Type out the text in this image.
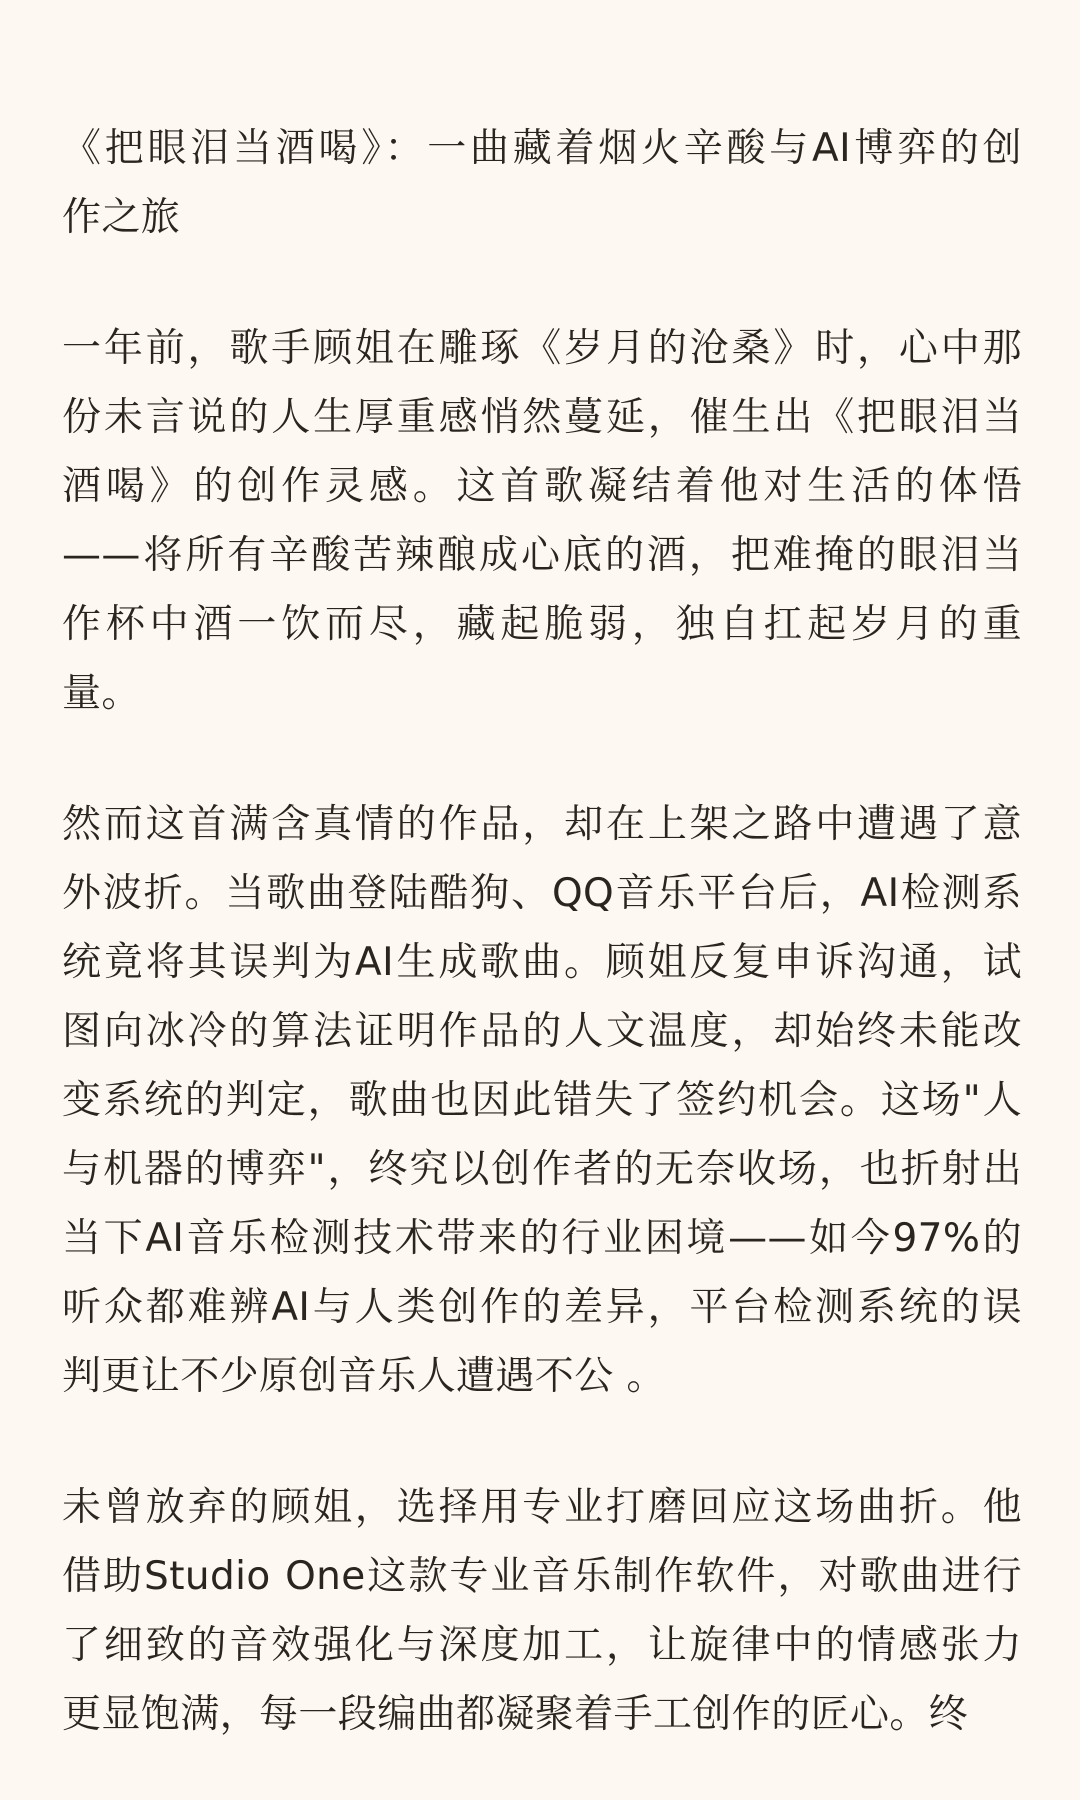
《把眼泪当酒喝》：一曲藏着烟火辛酸与AI博弈的创
作之旅

一年前，歌手顾姐在雕琢《岁月的沧桑》时，心中那
份未言说的人生厚重感悄然蔓延，催生出《把眼泪当
酒喝》的创作灵感。这首歌凝结着他对生活的体悟
——将所有辛酸苦辣酿成心底的酒，把难掩的眼泪当
作杯中酒一饮而尽，藏起脆弱，独自扛起岁月的重
量。

然而这首满含真情的作品，却在上架之路中遭遇了意
外波折。当歌曲登陆酷狗、QQ音乐平台后，AI检测系
统竟将其误判为AI生成歌曲。顾姐反复申诉沟通，试
图向冰冷的算法证明作品的人文温度，却始终未能改
变系统的判定，歌曲也因此错失了签约机会。这场"人
与机器的博弈"，终究以创作者的无奈收场，也折射出
当下AI音乐检测技术带来的行业困境——如今97%的
听众都难辨AI与人类创作的差异，平台检测系统的误
判更让不少原创音乐人遭遇不公 。

未曾放弃的顾姐，选择用专业打磨回应这场曲折。他
借助Studio One这款专业音乐制作软件，对歌曲进行
了细致的音效强化与深度加工，让旋律中的情感张力
更显饱满，每一段编曲都凝聚着手工创作的匠心。终
